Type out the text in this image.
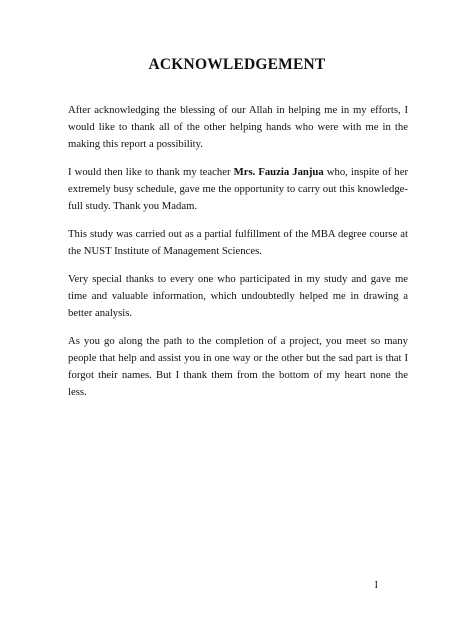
ACKNOWLEDGEMENT

After acknowledging the blessing of our Allah in helping me in my efforts, I would like to thank all of the other helping hands who were with me in the making this report a possibility.

I would then like to thank my teacher Mrs. Fauzia Janjua who, inspite of her extremely busy schedule, gave me the opportunity to carry out this knowledge-full study. Thank you Madam.

This study was carried out as a partial fulfillment of the MBA degree course at the NUST Institute of Management Sciences.

Very special thanks to every one who participated in my study and gave me time and valuable information, which undoubtedly helped me in drawing a better analysis.

As you go along the path to the completion of a project, you meet so many people that help and assist you in one way or the other but the sad part is that I forgot their names. But I thank them from the bottom of my heart none the less.

I
